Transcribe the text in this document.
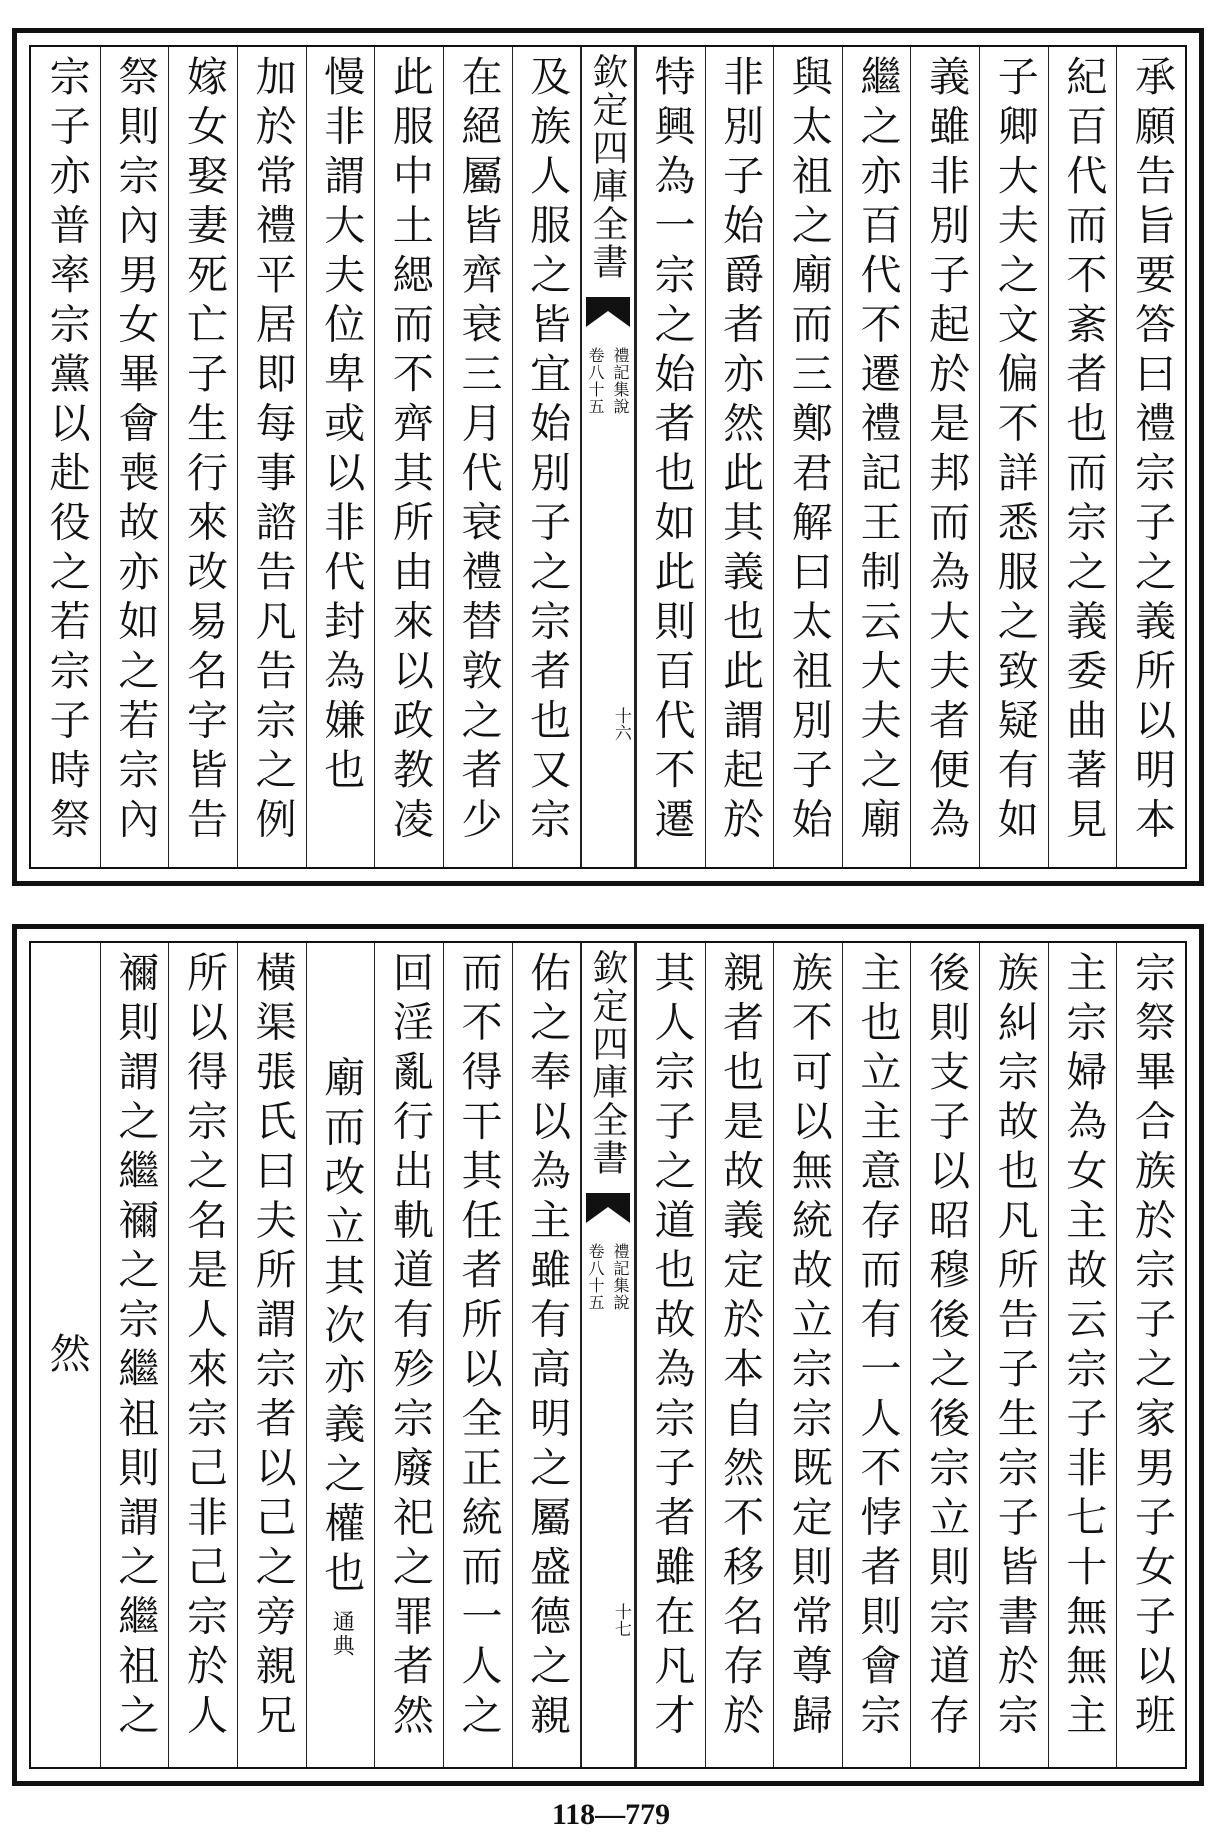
承願告旨要答曰禮宗子之義所以明本
紀百代而不紊者也而宗之義委曲著見
子卿大夫之文偏不詳悉服之致疑有如
義雖非別子起於是邦而為大夫者便為
繼之亦百代不遷禮記王制云大夫之廟
與太祖之廟而三鄭君解曰太祖別子始
非別子始爵者亦然此其義也此謂起於
特興為一宗之始者也如此則百代不遷
欽定四庫全書
禮記集說
卷八十五
十六
及族人服之皆宜始別子之宗者也又宗
在絕屬皆齊衰三月代衰禮替敦之者少
此服中土緦而不齊其所由來以政教凌
慢非謂大夫位卑或以非代封為嫌也　
加於常禮平居即每事諮告凡告宗之例
嫁女娶妻死亡子生行來改易名字皆告
祭則宗內男女畢會喪故亦如之若宗內
宗子亦普率宗黨以赴役之若宗子時祭
宗祭畢合族於宗子之家男子女子以班
主宗婦為女主故云宗子非七十無無主
族糾宗故也凡所告子生宗子皆書於宗
後則支子以昭穆後之後宗立則宗道存
主也立主意存而有一人不悖者則會宗
族不可以無統故立宗宗既定則常尊歸
親者也是故義定於本自然不移名存於
其人宗子之道也故為宗子者雖在凡才
欽定四庫全書
禮記集說
卷八十五
十七
佑之奉以為主雖有高明之屬盛德之親
而不得干其任者所以全正統而一人之
回淫亂行出軌道有殄宗廢祀之罪者然
廟而改立其次亦義之權也
通典
橫渠張氏曰夫所謂宗者以己之旁親兄
所以得宗之名是人來宗己非己宗於人
禰則謂之繼禰之宗繼祖則謂之繼祖之
然
118—779
